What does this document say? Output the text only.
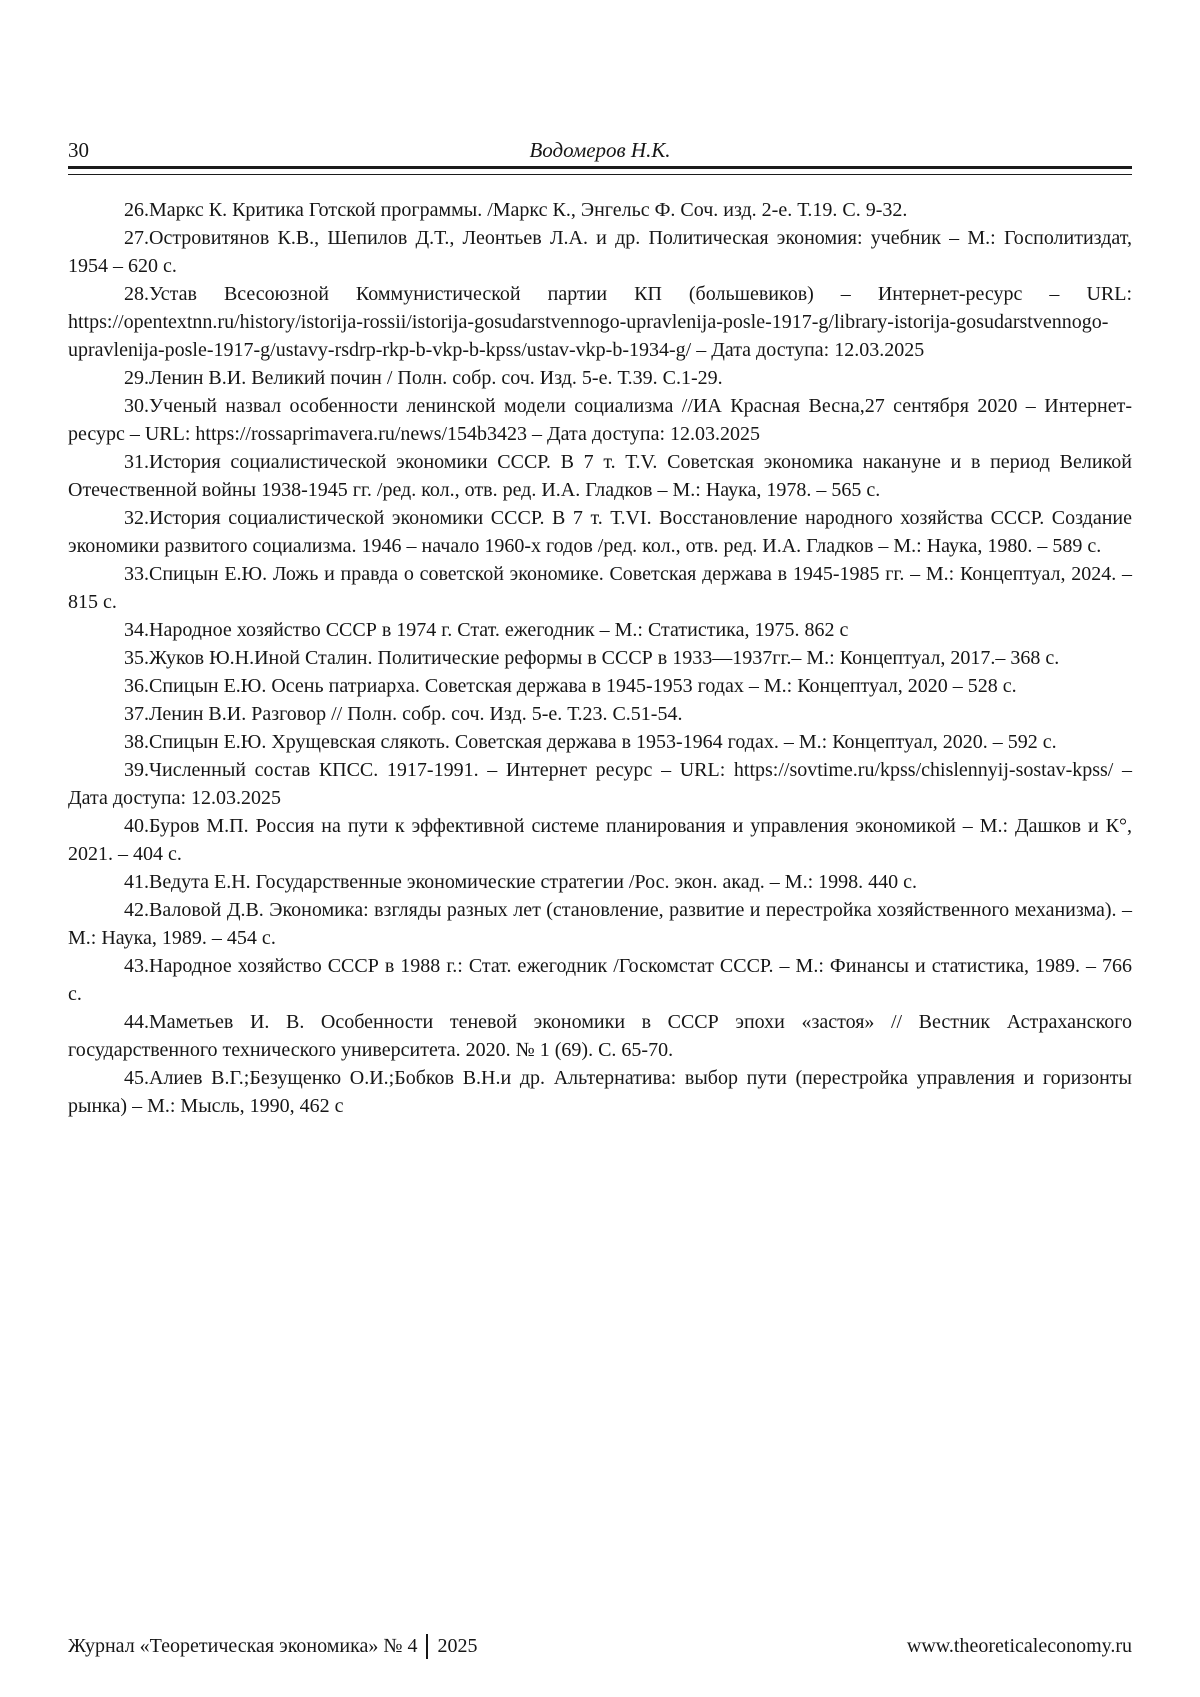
30	Водомеров Н.К.

26.Маркс К. Критика Готской программы. /Маркс К., Энгельс Ф. Соч. изд. 2-е. Т.19. С. 9-32.

27.Островитянов К.В., Шепилов Д.Т., Леонтьев Л.А. и др. Политическая экономия: учебник – М.: Госполитиздат, 1954 – 620 с.

28.Устав Всесоюзной Коммунистической партии КП (большевиков) – Интернет-ресурс – URL: https://opentextnn.ru/history/istorija-rossii/istorija-gosudarstvennogo-upravlenija-posle-1917-g/library-istorija-gosudarstvennogo-upravlenija-posle-1917-g/ustavy-rsdrp-rkp-b-vkp-b-kpss/ustav-vkp-b-1934-g/ – Дата доступа: 12.03.2025

29.Ленин В.И. Великий почин / Полн. собр. соч. Изд. 5-е. Т.39. С.1-29.

30.Ученый назвал особенности ленинской модели социализма //ИА Красная Весна,27 сентября 2020 – Интернет-ресурс – URL: https://rossaprimavera.ru/news/154b3423 – Дата доступа: 12.03.2025

31.История социалистической экономики СССР. В 7 т. Т.V. Советская экономика накануне и в период Великой Отечественной войны 1938-1945 гг. /ред. кол., отв. ред. И.А. Гладков – М.: Наука, 1978. – 565 с.

32.История социалистической экономики СССР. В 7 т. Т.VI. Восстановление народного хозяйства СССР. Создание экономики развитого социализма. 1946 – начало 1960-х годов /ред. кол., отв. ред. И.А. Гладков – М.: Наука, 1980. – 589 с.

33.Спицын Е.Ю. Ложь и правда о советской экономике. Советская держава в 1945-1985 гг. – М.: Концептуал, 2024. – 815 с.

34.Народное хозяйство СССР в 1974 г. Стат. ежегодник – М.: Статистика, 1975. 862 с

35.Жуков Ю.Н.Иной Сталин. Политические реформы в СССР в 1933—1937гг.– М.: Концептуал, 2017.– 368 с.

36.Спицын Е.Ю. Осень патриарха. Советская держава в 1945-1953 годах – М.: Концептуал, 2020 – 528 с.

37.Ленин В.И. Разговор // Полн. собр. соч. Изд. 5-е. Т.23. С.51-54.

38.Спицын Е.Ю. Хрущевская слякоть. Советская держава в 1953-1964 годах. – М.: Концептуал, 2020. – 592 с.

39.Численный состав КПСС. 1917-1991. – Интернет ресурс – URL: https://sovtime.ru/kpss/chislennyij-sostav-kpss/ – Дата доступа: 12.03.2025

40.Буров М.П. Россия на пути к эффективной системе планирования и управления экономикой – М.: Дашков и К°, 2021. – 404 с.

41.Ведута Е.Н. Государственные экономические стратегии /Рос. экон. акад. – М.: 1998. 440 с.

42.Валовой Д.В. Экономика: взгляды разных лет (становление, развитие и перестройка хозяйственного механизма). – М.: Наука, 1989. – 454 с.

43.Народное хозяйство СССР в 1988 г.: Стат. ежегодник /Госкомстат СССР. – М.: Финансы и статистика, 1989. – 766 с.

44.Маметьев И. В. Особенности теневой экономики в СССР эпохи «застоя» // Вестник Астраханского государственного технического университета. 2020. № 1 (69). С. 65-70.

45.Алиев В.Г.;Безущенко О.И.;Бобков В.Н.и др. Альтернатива: выбор пути (перестройка управления и горизонты рынка) – М.: Мысль, 1990, 462 с

Журнал «Теоретическая экономика» № 4 2025	www.theoreticaleconomy.ru
